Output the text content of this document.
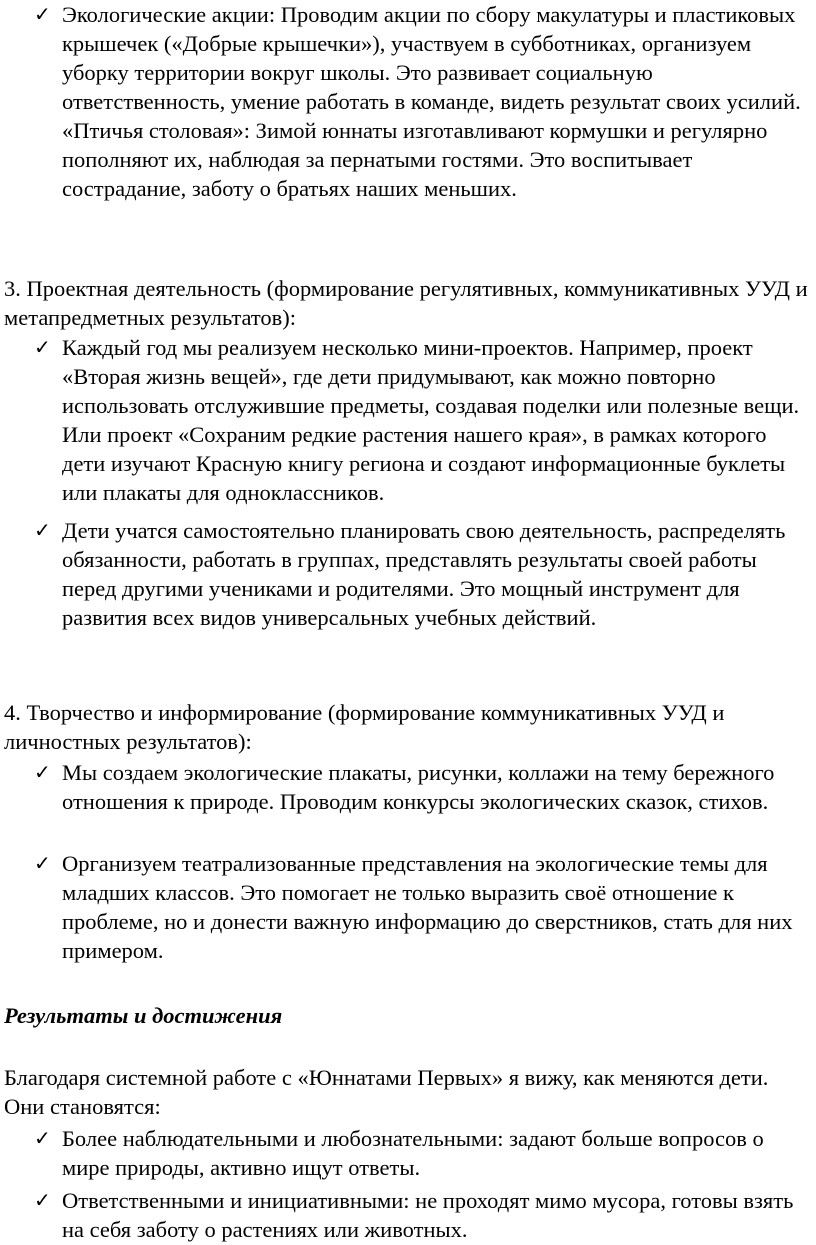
✓ Экологические акции: Проводим акции по сбору макулатуры и пластиковых крышечек («Добрые крышечки»), участвуем в субботниках, организуем уборку территории вокруг школы. Это развивает социальную ответственность, умение работать в команде, видеть результат своих усилий. «Птичья столовая»: Зимой юннаты изготавливают кормушки и регулярно пополняют их, наблюдая за пернатыми гостями. Это воспитывает сострадание, заботу о братьях наших меньших.
3. Проектная деятельность (формирование регулятивных, коммуникативных УУД и метапредметных результатов):
✓ Каждый год мы реализуем несколько мини-проектов. Например, проект «Вторая жизнь вещей», где дети придумывают, как можно повторно использовать отслужившие предметы, создавая поделки или полезные вещи. Или проект «Сохраним редкие растения нашего края», в рамках которого дети изучают Красную книгу региона и создают информационные буклеты или плакаты для одноклассников.
✓ Дети учатся самостоятельно планировать свою деятельность, распределять обязанности, работать в группах, представлять результаты своей работы перед другими учениками и родителями. Это мощный инструмент для развития всех видов универсальных учебных действий.
4. Творчество и информирование (формирование коммуникативных УУД и личностных результатов):
✓ Мы создаем экологические плакаты, рисунки, коллажи на тему бережного отношения к природе. Проводим конкурсы экологических сказок, стихов.
✓ Организуем театрализованные представления на экологические темы для младших классов. Это помогает не только выразить своё отношение к проблеме, но и донести важную информацию до сверстников, стать для них примером.
Результаты и достижения
Благодаря системной работе с «Юннатами Первых» я вижу, как меняются дети. Они становятся:
✓ Более наблюдательными и любознательными: задают больше вопросов о мире природы, активно ищут ответы.
✓ Ответственными и инициативными: не проходят мимо мусора, готовы взять на себя заботу о растениях или животных.
